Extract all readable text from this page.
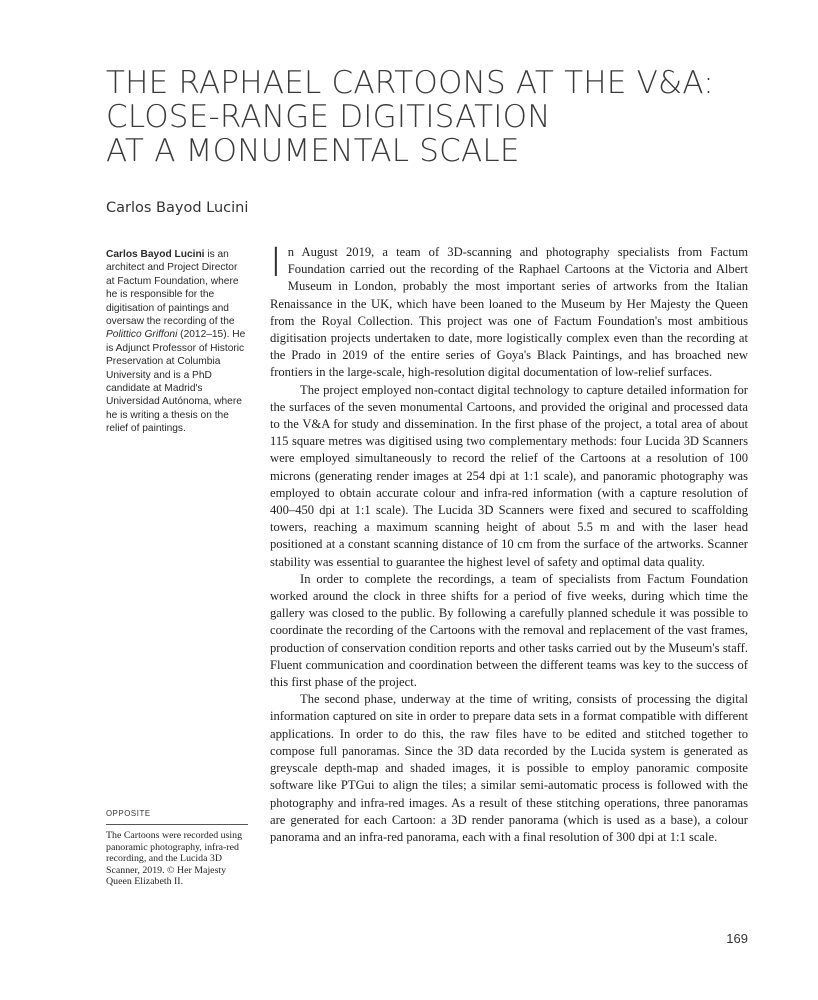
THE RAPHAEL CARTOONS AT THE V&A:
CLOSE-RANGE DIGITISATION
AT A MONUMENTAL SCALE
Carlos Bayod Lucini
Carlos Bayod Lucini is an architect and Project Director at Factum Foundation, where he is responsible for the digitisation of paintings and oversaw the recording of the Polittico Griffoni (2012–15). He is Adjunct Professor of Historic Preservation at Columbia University and is a PhD candidate at Madrid's Universidad Autónoma, where he is writing a thesis on the relief of paintings.
OPPOSITE
The Cartoons were recorded using panoramic photography, infra-red recording, and the Lucida 3D Scanner, 2019. © Her Majesty Queen Elizabeth II.

In August 2019, a team of 3D-scanning and photography specialists from Factum Foundation carried out the recording of the Raphael Cartoons at the Victoria and Albert Museum in London, probably the most important series of artworks from the Italian Renaissance in the UK, which have been loaned to the Museum by Her Majesty the Queen from the Royal Collection. This project was one of Factum Foundation's most ambitious digitisation projects undertaken to date, more logistically complex even than the recording at the Prado in 2019 of the entire series of Goya's Black Paintings, and has broached new frontiers in the large-scale, high-resolution digital documentation of low-relief surfaces.

The project employed non-contact digital technology to capture detailed information for the surfaces of the seven monumental Cartoons, and provided the original and processed data to the V&A for study and dissemination. In the first phase of the project, a total area of about 115 square metres was digitised using two complementary methods: four Lucida 3D Scanners were employed simultaneously to record the relief of the Cartoons at a resolution of 100 microns (generating render images at 254 dpi at 1:1 scale), and panoramic photography was employed to obtain accurate colour and infra-red information (with a capture resolution of 400–450 dpi at 1:1 scale). The Lucida 3D Scanners were fixed and secured to scaffolding towers, reaching a maximum scanning height of about 5.5 m and with the laser head positioned at a constant scanning distance of 10 cm from the surface of the artworks. Scanner stability was essential to guarantee the highest level of safety and optimal data quality.

In order to complete the recordings, a team of specialists from Factum Foundation worked around the clock in three shifts for a period of five weeks, during which time the gallery was closed to the public. By following a carefully planned schedule it was possible to coordinate the recording of the Cartoons with the removal and replacement of the vast frames, production of conservation condition reports and other tasks carried out by the Museum's staff. Fluent communication and coordination between the different teams was key to the success of this first phase of the project.

The second phase, underway at the time of writing, consists of processing the digital information captured on site in order to prepare data sets in a format compatible with different applications. In order to do this, the raw files have to be edited and stitched together to compose full panoramas. Since the 3D data recorded by the Lucida system is generated as greyscale depth-map and shaded images, it is possible to employ panoramic composite software like PTGui to align the tiles; a similar semi-automatic process is followed with the photography and infra-red images. As a result of these stitching operations, three panoramas are generated for each Cartoon: a 3D render panorama (which is used as a base), a colour panorama and an infra-red panorama, each with a final resolution of 300 dpi at 1:1 scale.

169
